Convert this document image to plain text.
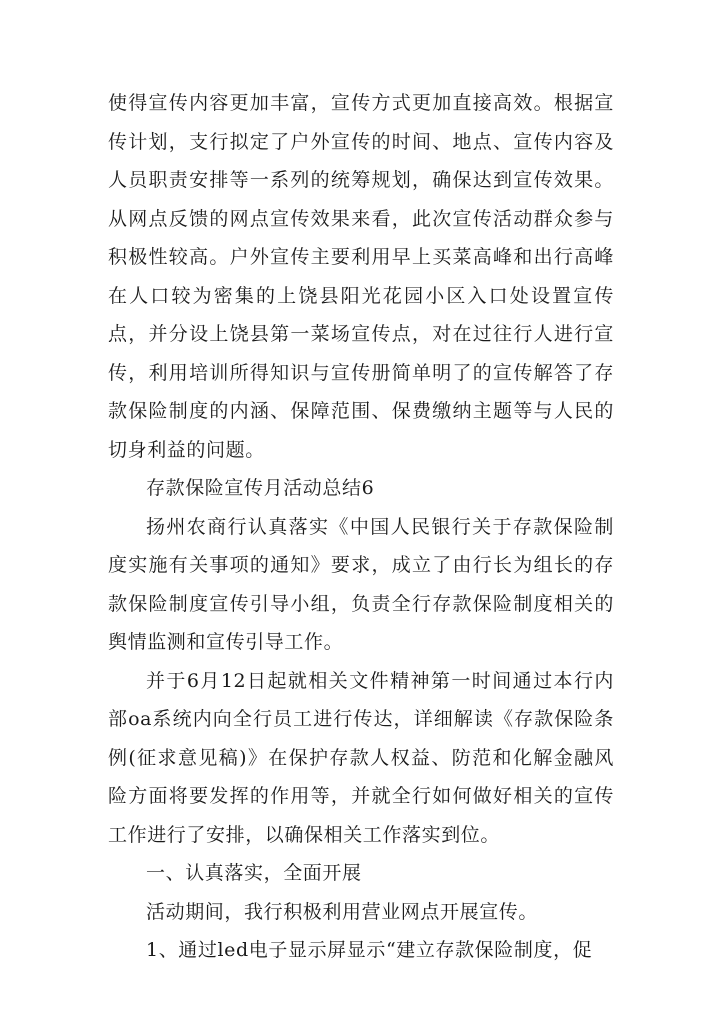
使得宣传内容更加丰富，宣传方式更加直接高效。根据宣传计划，支行拟定了户外宣传的时间、地点、宣传内容及人员职责安排等一系列的统筹规划，确保达到宣传效果。从网点反馈的网点宣传效果来看，此次宣传活动群众参与积极性较高。户外宣传主要利用早上买菜高峰和出行高峰在人口较为密集的上饶县阳光花园小区入口处设置宣传点，并分设上饶县第一菜场宣传点，对在过往行人进行宣传，利用培训所得知识与宣传册简单明了的宣传解答了存款保险制度的内涵、保障范围、保费缴纳主题等与人民的切身利益的问题。

存款保险宣传月活动总结6

扬州农商行认真落实《中国人民银行关于存款保险制度实施有关事项的通知》要求，成立了由行长为组长的存款保险制度宣传引导小组，负责全行存款保险制度相关的舆情监测和宣传引导工作。

并于6月12日起就相关文件精神第一时间通过本行内部oa系统内向全行员工进行传达，详细解读《存款保险条例(征求意见稿)》在保护存款人权益、防范和化解金融风险方面将要发挥的作用等，并就全行如何做好相关的宣传工作进行了安排，以确保相关工作落实到位。

一、认真落实，全面开展

活动期间，我行积极利用营业网点开展宣传。

1、通过led电子显示屏显示“建立存款保险制度，促
